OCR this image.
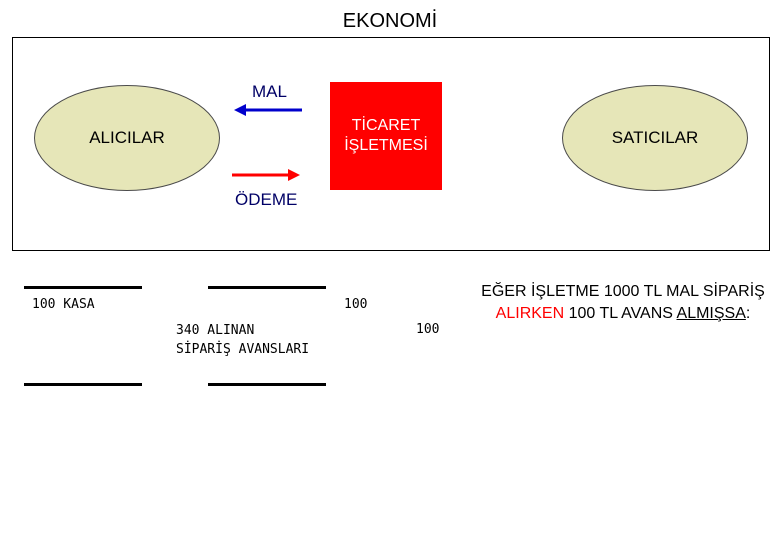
EKONOMİ
ALICILAR	SATICILAR
TİCARET
İŞLETMESİ
MAL
ÖDEME
100 KASA	100
340 ALINAN
SİPARİŞ AVANSLARI
100
EĞER İŞLETME 1000 TL MAL SİPARİŞ ALIRKEN 100 TL AVANS ALMIŞSA:
